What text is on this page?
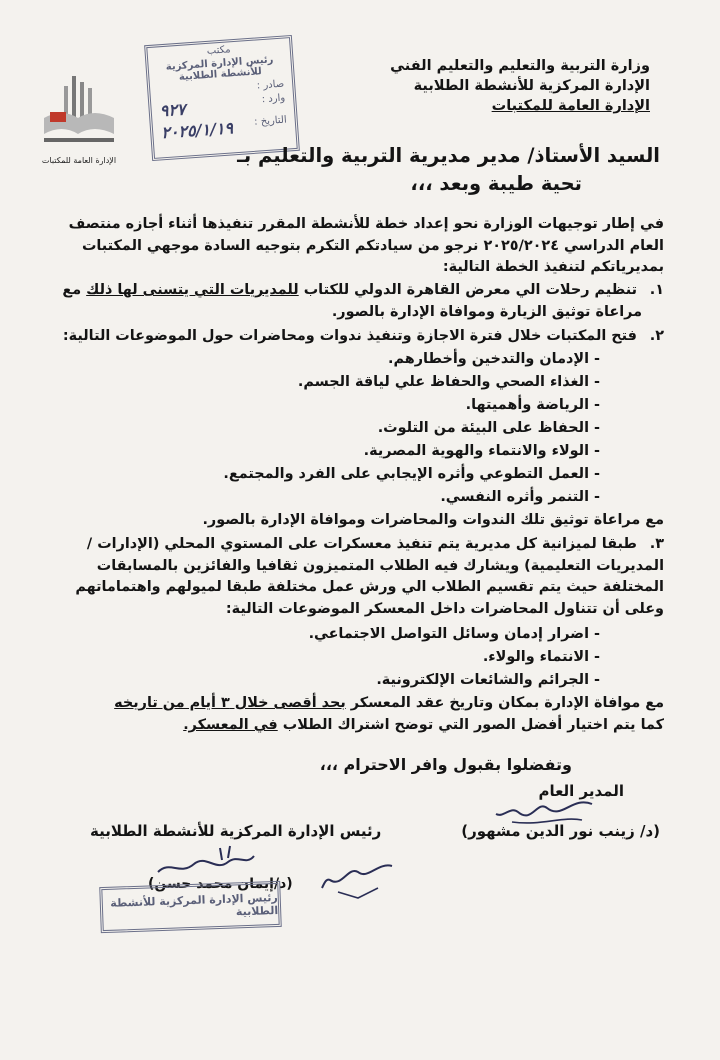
الإدارة العامة للمكتبات
مكتب
رئيس الإدارة المركزية للأنشطة الطلابية
صادر :
وارد :
٩٢٧
التاريخ :
٢٠٢٥/١/١٩
وزارة التربية والتعليم والتعليم الفني
الإدارة المركزية للأنشطة الطلابية
الإدارة العامة للمكتبات
السيد الأستاذ/ مدير مديرية التربية والتعليم بـ
تحية طيبة وبعد ،،،
في إطار توجيهات الوزارة نحو إعداد خطة للأنشطة المقرر تنفيذها أثناء أجازه منتصف العام الدراسي ٢٠٢٥/٢٠٢٤ نرجو من سيادتكم التكرم بتوجيه السادة موجهي المكتبات بمديرياتكم لتنفيذ الخطة التالية:
١. تنظيم رحلات الي معرض القاهرة الدولي للكتاب للمديريات التي يتسنى لها ذلك مع
مراعاة توثيق الزيارة وموافاة الإدارة بالصور.
٢. فتح المكتبات خلال فترة الاجازة وتنفيذ ندوات ومحاضرات حول الموضوعات التالية:
- الإدمان والتدخين وأخطارهم.
- الغذاء الصحي والحفاظ علي لياقة الجسم.
- الرياضة وأهميتها.
- الحفاظ على البيئة من التلوث.
- الولاء والانتماء والهوية المصرية.
- العمل التطوعي وأثره الإيجابي على الفرد والمجتمع.
- التنمر وأثره النفسي.
مع مراعاة توثيق تلك الندوات والمحاضرات وموافاة الإدارة بالصور.
٣. طبقا لميزانية كل مديرية يتم تنفيذ معسكرات على المستوي المحلي (الإدارات /
المديريات التعليمية) ويشارك فيه الطلاب المتميزون ثقافيا والفائزين بالمسابقات
المختلفة حيث يتم تقسيم الطلاب الي ورش عمل مختلفة طبقا لميولهم واهتماماتهم
وعلى أن تتناول المحاضرات داخل المعسكر الموضوعات التالية:
- اضرار إدمان وسائل التواصل الاجتماعي.
- الانتماء والولاء.
- الجرائم والشائعات الإلكترونية.
مع موافاة الإدارة بمكان وتاريخ عقد المعسكر بحد أقصى خلال ٣ أيام من تاريخه
كما يتم اختيار أفضل الصور التي توضح اشتراك الطلاب في المعسكر.
وتفضلوا بقبول وافر الاحترام ،،،
المدير العام
(د/ زينب نور الدين مشهور)
رئيس الإدارة المركزية للأنشطة الطلابية
(د/إيمان محمد حسن)
رئيس الإدارة المركزية للأنشطة الطلابية
